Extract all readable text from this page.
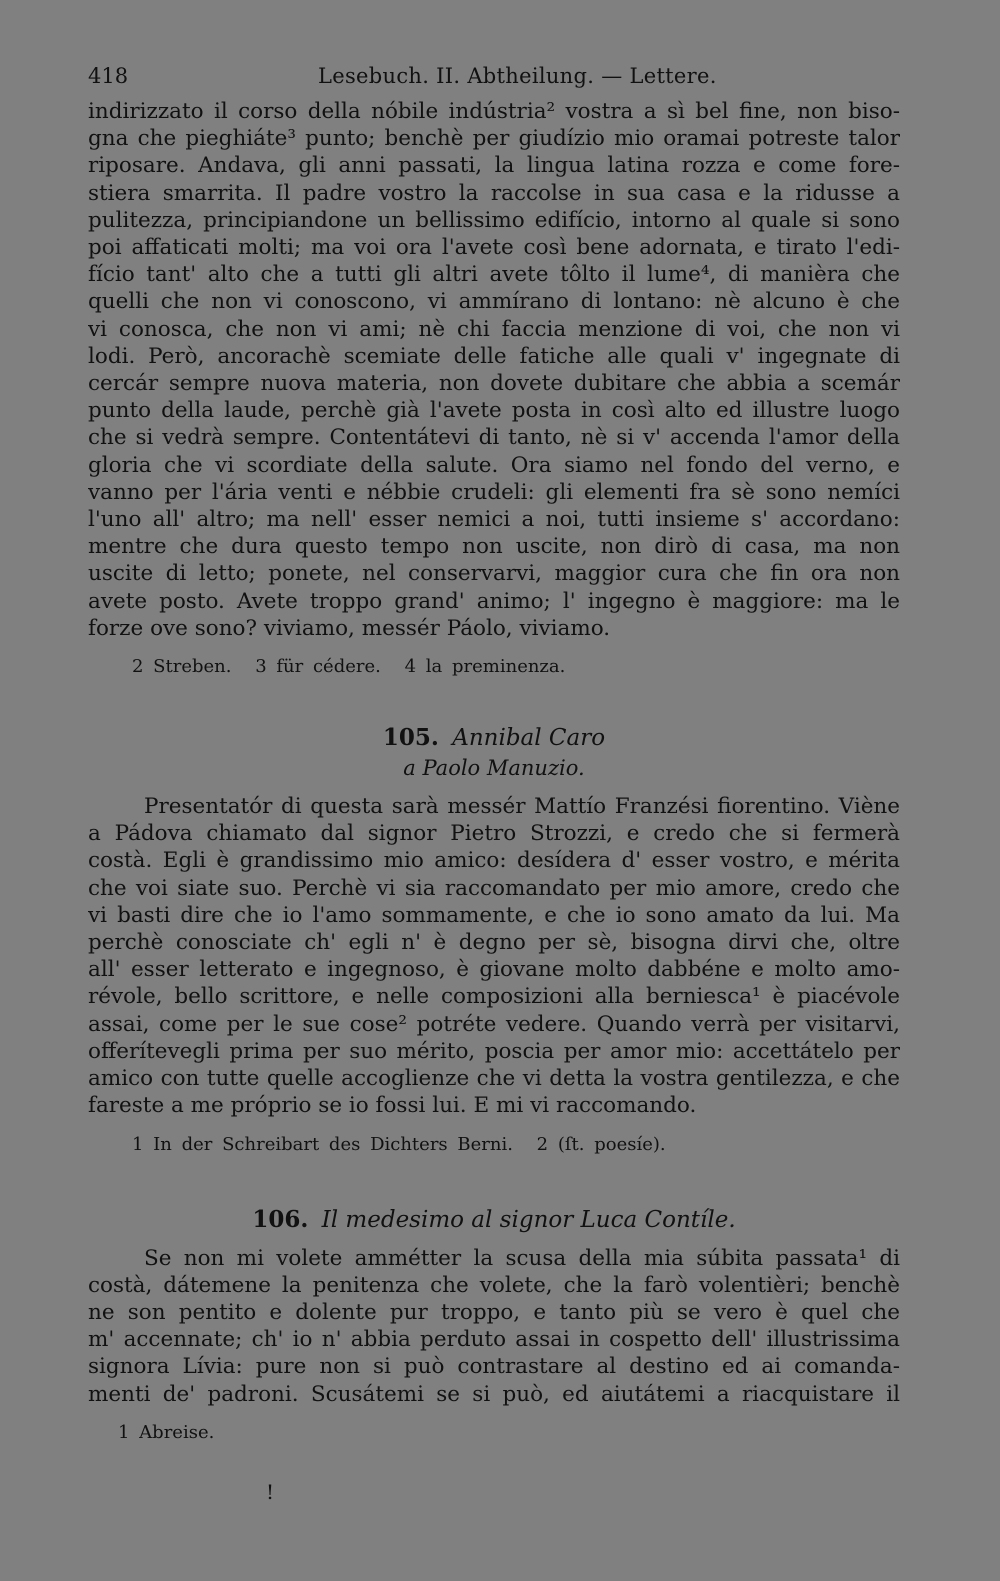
418	Lesebuch. II. Abtheilung. — Lettere.
indirizzato il corso della nóbile indústria² vostra a sì bel fine, non biso-
gna che pieghiáte³ punto; benchè per giudízio mio oramai potreste talor
riposare. Andava, gli anni passati, la lingua latina rozza e come fore-
stiera smarrita. Il padre vostro la raccolse in sua casa e la ridusse a
pulitezza, principiandone un bellissimo edifício, intorno al quale si sono
poi affaticati molti; ma voi ora l'avete così bene adornata, e tirato l'edi-
fício tant' alto che a tutti gli altri avete tôlto il lume⁴, di manièra che
quelli che non vi conoscono, vi ammírano di lontano: nè alcuno è che
vi conosca, che non vi ami; nè chi faccia menzione di voi, che non vi
lodi. Però, ancorachè scemiate delle fatiche alle quali v' ingegnate di
cercár sempre nuova materia, non dovete dubitare che abbia a scemár
punto della laude, perchè già l'avete posta in così alto ed illustre luogo
che si vedrà sempre. Contentátevi di tanto, nè si v' accenda l'amor della
gloria che vi scordiate della salute. Ora siamo nel fondo del verno, e
vanno per l'ária venti e nébbie crudeli: gli elementi fra sè sono nemíci
l'uno all' altro; ma nell' esser nemici a noi, tutti insieme s' accordano:
mentre che dura questo tempo non uscite, non dirò di casa, ma non
uscite di letto; ponete, nel conservarvi, maggior cura che fin ora non
avete posto. Avete troppo grand' animo; l' ingegno è maggiore: ma le
forze ove sono? viviamo, messér Páolo, viviamo.
2 Streben. 3 für cédere. 4 la preminenza.
105. Annibal Caro
a Paolo Manuzio.
Presentatór di questa sarà messér Mattío Franzési fiorentino. Viène
a Pádova chiamato dal signor Pietro Strozzi, e credo che si fermerà
costà. Egli è grandissimo mio amico: desídera d' esser vostro, e mérita
che voi siate suo. Perchè vi sia raccomandato per mio amore, credo che
vi basti dire che io l'amo sommamente, e che io sono amato da lui. Ma
perchè conosciate ch' egli n' è degno per sè, bisogna dirvi che, oltre
all' esser letterato e ingegnoso, è giovane molto dabbéne e molto amo-
révole, bello scrittore, e nelle composizioni alla berniesca¹ è piacévole
assai, come per le sue cose² potréte vedere. Quando verrà per visitarvi,
offerítevegli prima per suo mérito, poscia per amor mio: accettátelo per
amico con tutte quelle accoglienze che vi detta la vostra gentilezza, e che
fareste a me próprio se io fossi lui. E mi vi raccomando.
1 In der Schreibart des Dichters Berni. 2 (ſt. poesíe).
106. Il medesimo al signor Luca Contíle.
Se non mi volete ammétter la scusa della mia súbita passata¹ di
costà, dátemene la penitenza che volete, che la farò volentièri; benchè
ne son pentito e dolente pur troppo, e tanto più se vero è quel che
m' accennate; ch' io n' abbia perduto assai in cospetto dell' illustrissima
signora Lívia: pure non si può contrastare al destino ed ai comanda-
menti de' padroni. Scusátemi se si può, ed aiutátemi a riacquistare il
1 Abreise.
!
